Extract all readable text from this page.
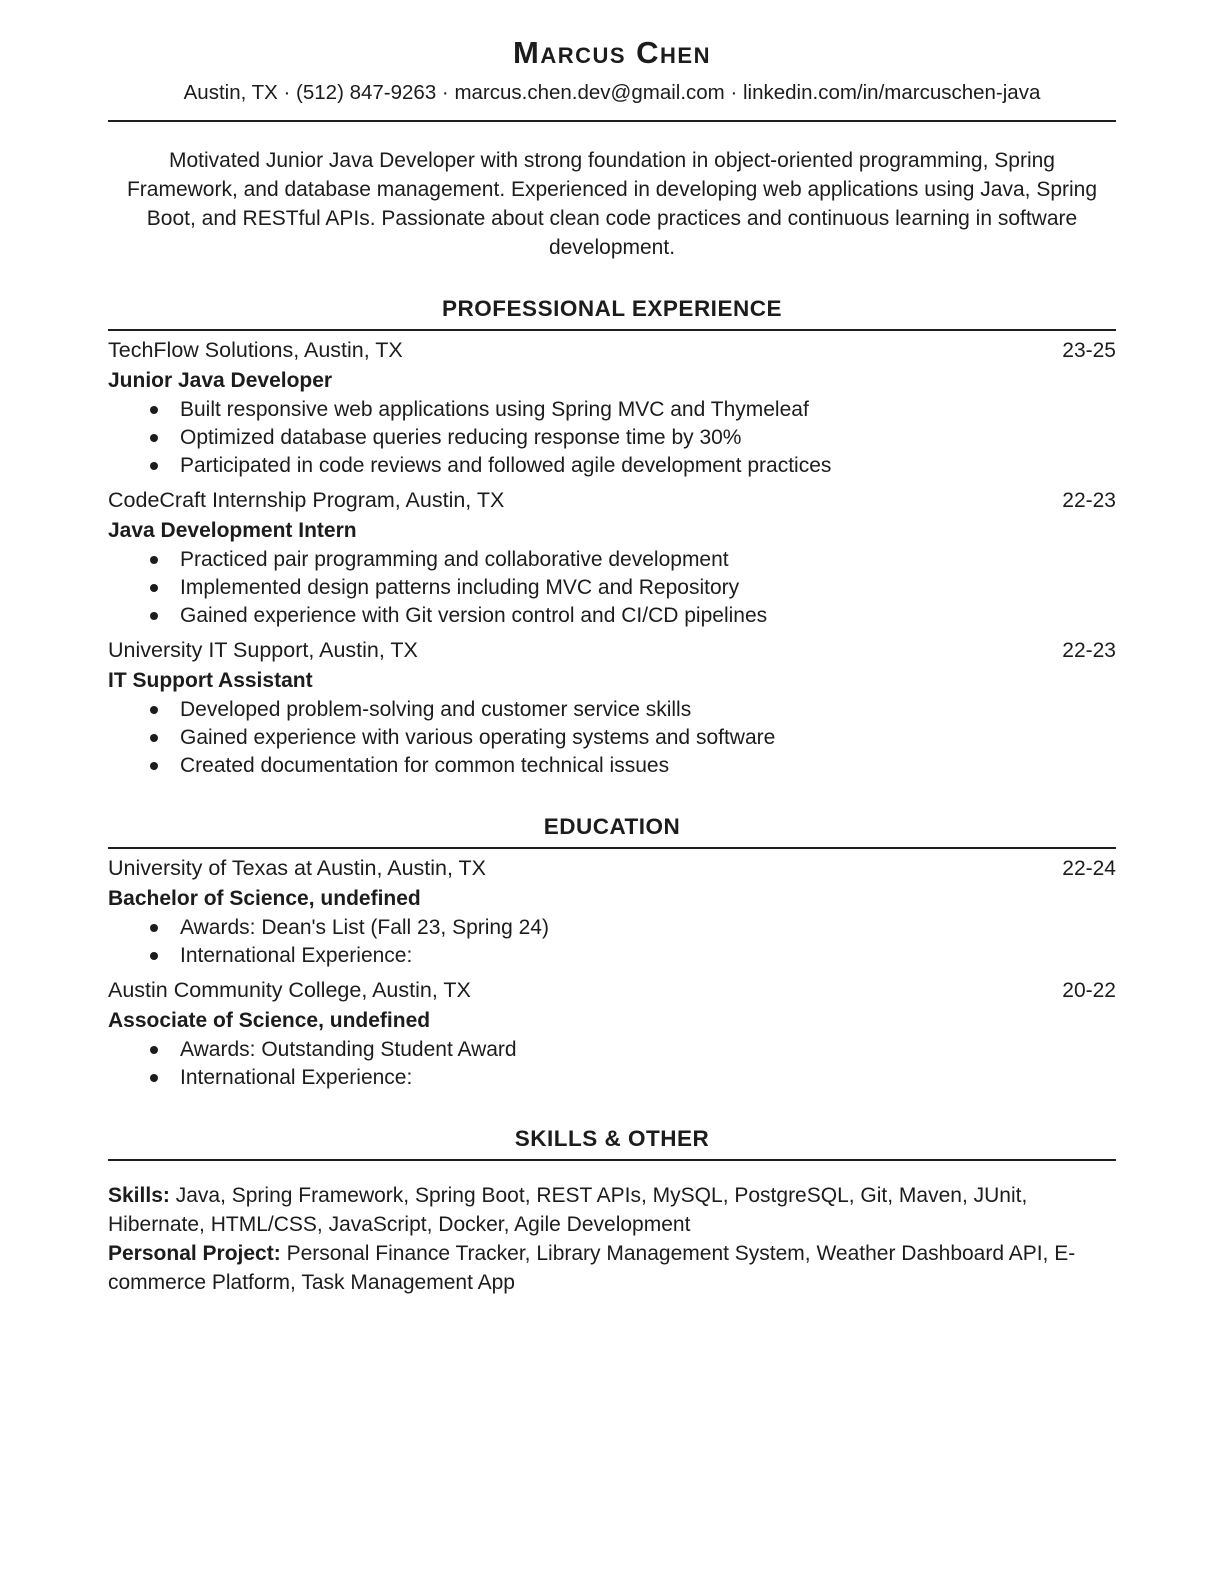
Marcus Chen
Austin, TX · (512) 847-9263 · marcus.chen.dev@gmail.com · linkedin.com/in/marcuschen-java

Motivated Junior Java Developer with strong foundation in object-oriented programming, Spring Framework, and database management. Experienced in developing web applications using Java, Spring Boot, and RESTful APIs. Passionate about clean code practices and continuous learning in software development.

PROFESSIONAL EXPERIENCE
TechFlow Solutions, Austin, TX	23-25
Junior Java Developer
Built responsive web applications using Spring MVC and Thymeleaf
Optimized database queries reducing response time by 30%
Participated in code reviews and followed agile development practices
CodeCraft Internship Program, Austin, TX	22-23
Java Development Intern
Practiced pair programming and collaborative development
Implemented design patterns including MVC and Repository
Gained experience with Git version control and CI/CD pipelines
University IT Support, Austin, TX	22-23
IT Support Assistant
Developed problem-solving and customer service skills
Gained experience with various operating systems and software
Created documentation for common technical issues
EDUCATION
University of Texas at Austin, Austin, TX	22-24
Bachelor of Science, undefined
Awards: Dean's List (Fall 23, Spring 24)
International Experience:
Austin Community College, Austin, TX	20-22
Associate of Science, undefined
Awards: Outstanding Student Award
International Experience:
SKILLS & OTHER
Skills: Java, Spring Framework, Spring Boot, REST APIs, MySQL, PostgreSQL, Git, Maven, JUnit, Hibernate, HTML/CSS, JavaScript, Docker, Agile Development
Personal Project: Personal Finance Tracker, Library Management System, Weather Dashboard API, E-commerce Platform, Task Management App
